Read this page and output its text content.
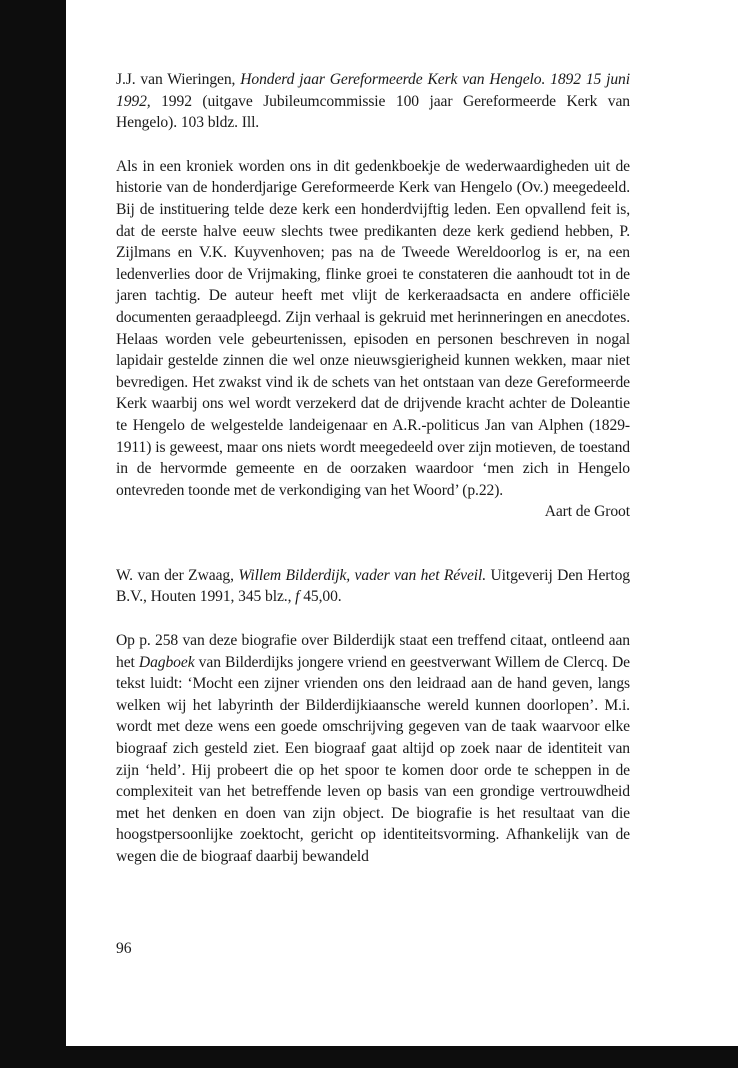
J.J. van Wieringen, Honderd jaar Gereformeerde Kerk van Hengelo. 1892 15 juni 1992, 1992 (uitgave Jubileumcommissie 100 jaar Gereformeerde Kerk van Hengelo). 103 bldz. Ill.

Als in een kroniek worden ons in dit gedenkboekje de wederwaardigheden uit de historie van de honderdjarige Gereformeerde Kerk van Hengelo (Ov.) meegedeeld. Bij de instituering telde deze kerk een honderdvijftig leden. Een opvallend feit is, dat de eerste halve eeuw slechts twee predikanten deze kerk gediend hebben, P. Zijlmans en V.K. Kuyvenhoven; pas na de Tweede Wereldoorlog is er, na een ledenverlies door de Vrijmaking, flinke groei te constateren die aanhoudt tot in de jaren tachtig. De auteur heeft met vlijt de kerkeraadsacta en andere officiële documenten geraadpleegd. Zijn verhaal is gekruid met herinneringen en anecdotes. Helaas worden vele gebeurtenissen, episoden en personen beschreven in nogal lapidair gestelde zinnen die wel onze nieuwsgierigheid kunnen wekken, maar niet bevredigen. Het zwakst vind ik de schets van het ontstaan van deze Gereformeerde Kerk waarbij ons wel wordt verzekerd dat de drijvende kracht achter de Doleantie te Hengelo de welgestelde landeigenaar en A.R.-politicus Jan van Alphen (1829-1911) is geweest, maar ons niets wordt meegedeeld over zijn motieven, de toestand in de hervormde gemeente en de oorzaken waardoor ‘men zich in Hengelo ontevreden toonde met de verkondiging van het Woord’ (p.22).

Aart de Groot

W. van der Zwaag, Willem Bilderdijk, vader van het Réveil. Uitgeverij Den Hertog B.V., Houten 1991, 345 blz., f 45,00.

Op p. 258 van deze biografie over Bilderdijk staat een treffend citaat, ontleend aan het Dagboek van Bilderdijks jongere vriend en geestverwant Willem de Clercq. De tekst luidt: ‘Mocht een zijner vrienden ons den leidraad aan de hand geven, langs welken wij het labyrinth der Bilderdijkiaansche wereld kunnen doorlopen’. M.i. wordt met deze wens een goede omschrijving gegeven van de taak waarvoor elke biograaf zich gesteld ziet. Een biograaf gaat altijd op zoek naar de identiteit van zijn ‘held’. Hij probeert die op het spoor te komen door orde te scheppen in de complexiteit van het betreffende leven op basis van een grondige vertrouwdheid met het denken en doen van zijn object. De biografie is het resultaat van die hoogstpersoonlijke zoektocht, gericht op identiteitsvorming. Afhankelijk van de wegen die de biograaf daarbij bewandeld

96
